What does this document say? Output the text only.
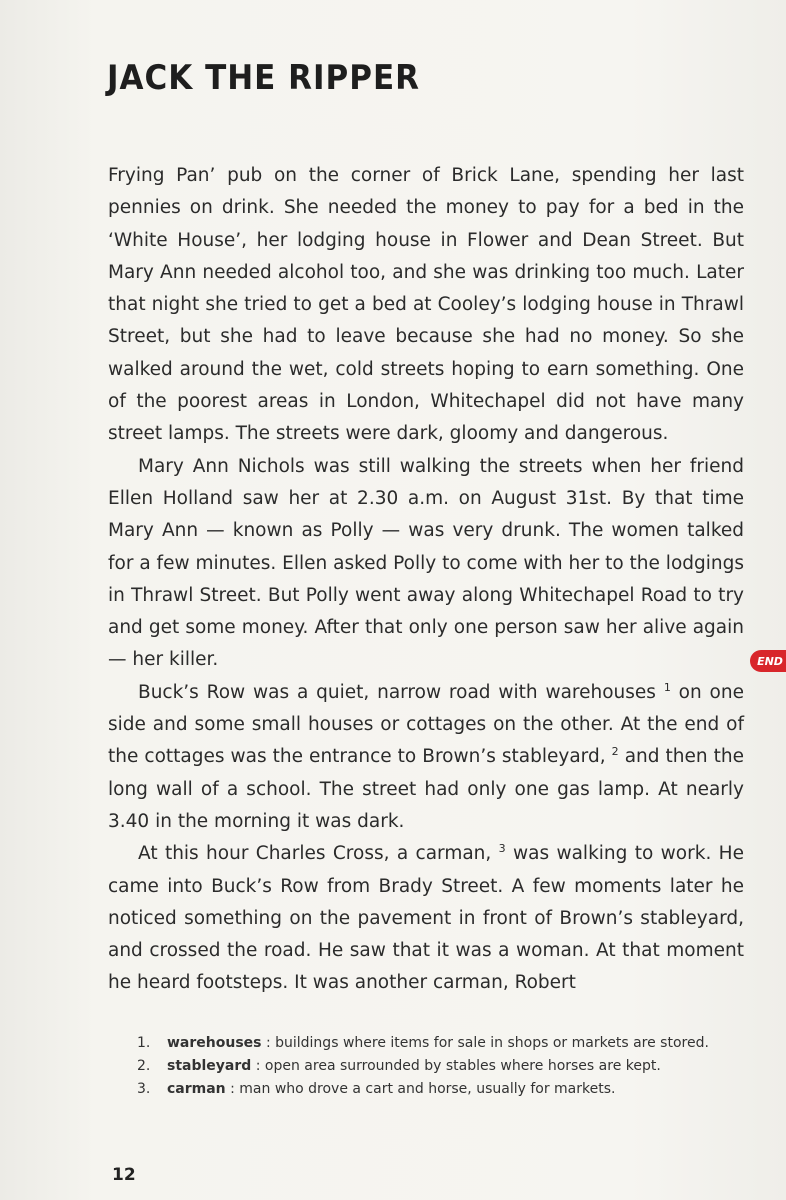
JACK THE RIPPER

Frying Pan’ pub on the corner of Brick Lane, spending her last pennies on drink. She needed the money to pay for a bed in the ‘White House’, her lodging house in Flower and Dean Street. But Mary Ann needed alcohol too, and she was drinking too much. Later that night she tried to get a bed at Cooley’s lodging house in Thrawl Street, but she had to leave because she had no money. So she walked around the wet, cold streets hoping to earn something. One of the poorest areas in London, Whitechapel did not have many street lamps. The streets were dark, gloomy and dangerous.

Mary Ann Nichols was still walking the streets when her friend Ellen Holland saw her at 2.30 a.m. on August 31st. By that time Mary Ann — known as Polly — was very drunk. The women talked for a few minutes. Ellen asked Polly to come with her to the lodgings in Thrawl Street. But Polly went away along Whitechapel Road to try and get some money. After that only one person saw her alive again — her killer.

Buck’s Row was a quiet, narrow road with warehouses $^1$ on one side and some small houses or cottages on the other. At the end of the cottages was the entrance to Brown’s stableyard, $^2$ and then the long wall of a school. The street had only one gas lamp. At nearly 3.40 in the morning it was dark.

At this hour Charles Cross, a carman, $^3$ was walking to work. He came into Buck’s Row from Brady Street. A few moments later he noticed something on the pavement in front of Brown’s stableyard, and crossed the road. He saw that it was a woman. At that moment he heard footsteps. It was another carman, Robert

END
1.	warehouses : buildings where items for sale in shops or markets are stored.
2.	stableyard : open area surrounded by stables where horses are kept.
3.	carman : man who drove a cart and horse, usually for markets.
12
